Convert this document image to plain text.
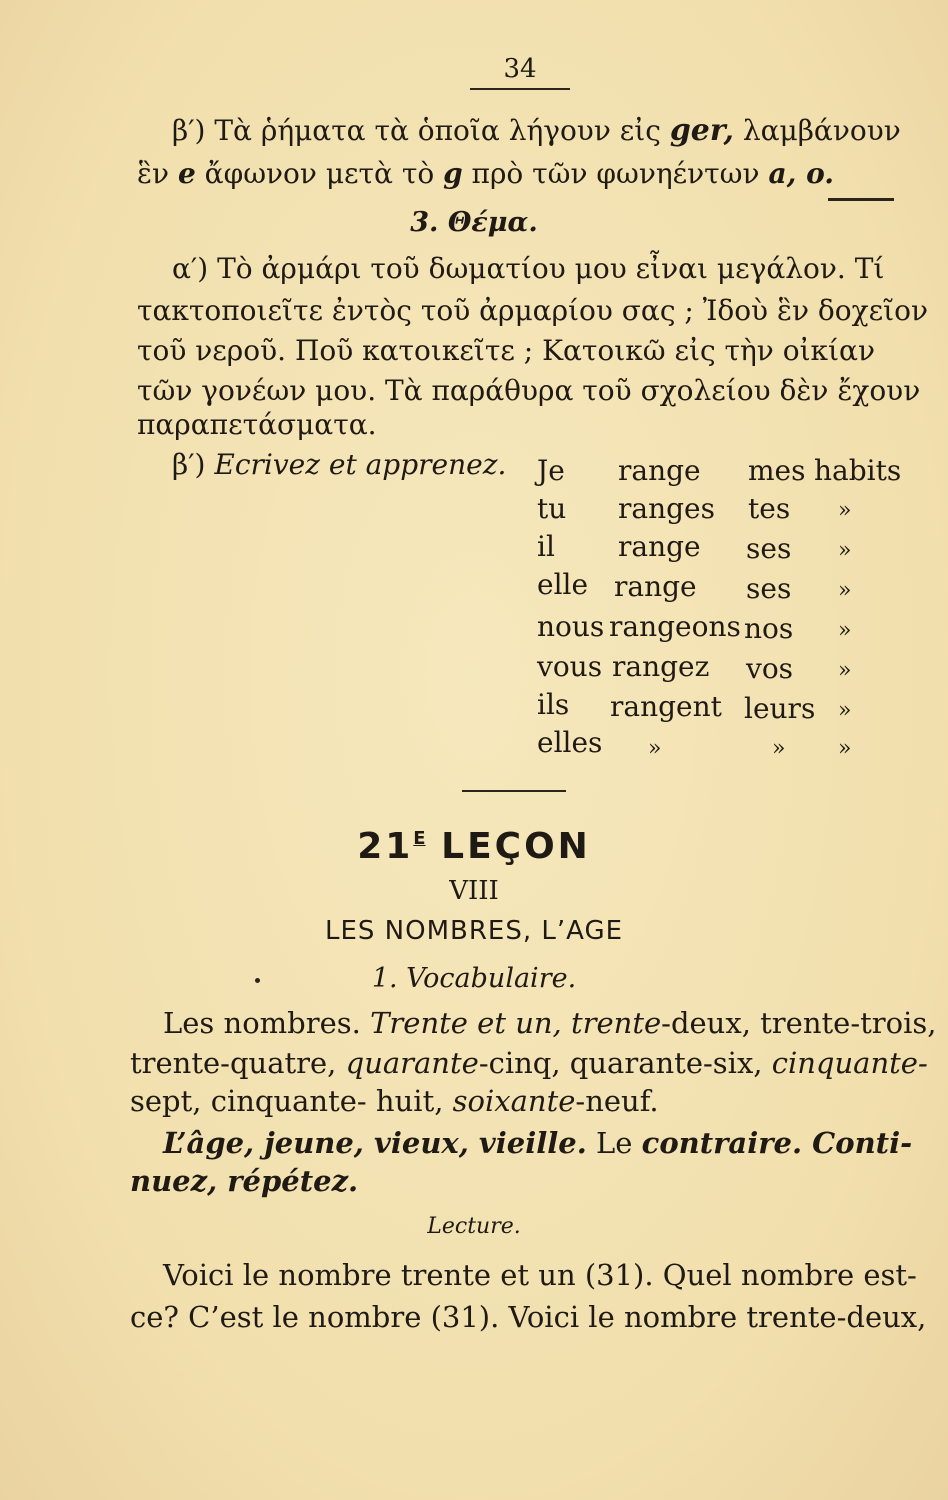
34
β′) Τὰ ῥήματα τὰ ὁποῖα λήγουν εἰς ger, λαμβάνουν
ἓν e ἄφωνον μετὰ τὸ g πρὸ τῶν φωνηέντων a, o.
3. Θέμα.
α′) Τὸ ἀρμάρι τοῦ δωματίου μου εἶναι μεγάλον. Τί
τακτοποιεῖτε ἐντὸς τοῦ ἀρμαρίου σας ; Ἰδοὺ ἓν δοχεῖον
τοῦ νεροῦ. Ποῦ κατοικεῖτε ; Κατοικῶ εἰς τὴν οἰκίαν
τῶν γονέων μου. Τὰ παράθυρα τοῦ σχολείου δὲν ἔχουν
παραπετάσματα.
β′) Ecrivez et apprenez. Je range mes habits
tu ranges tes »
il range ses »
elle range ses »
nous rangeons nos »
vous rangez vos »
ils rangent leurs »
elles »	» »
$21^E$ LEÇON
VIII
LES NOMBRES, L’AGE
1. Vocabulaire.
Les nombres. Trente et un, trente-deux, trente-trois,
trente-quatre, quarante-cinq, quarante-six, cinquante-
sept, cinquante- huit, soixante-neuf.
L’âge, jeune, vieux, vieille. Le contraire. Conti-
nuez, répétez.
Lecture.
Voici le nombre trente et un (31). Quel nombre est-
ce? C’est le nombre (31). Voici le nombre trente-deux,
